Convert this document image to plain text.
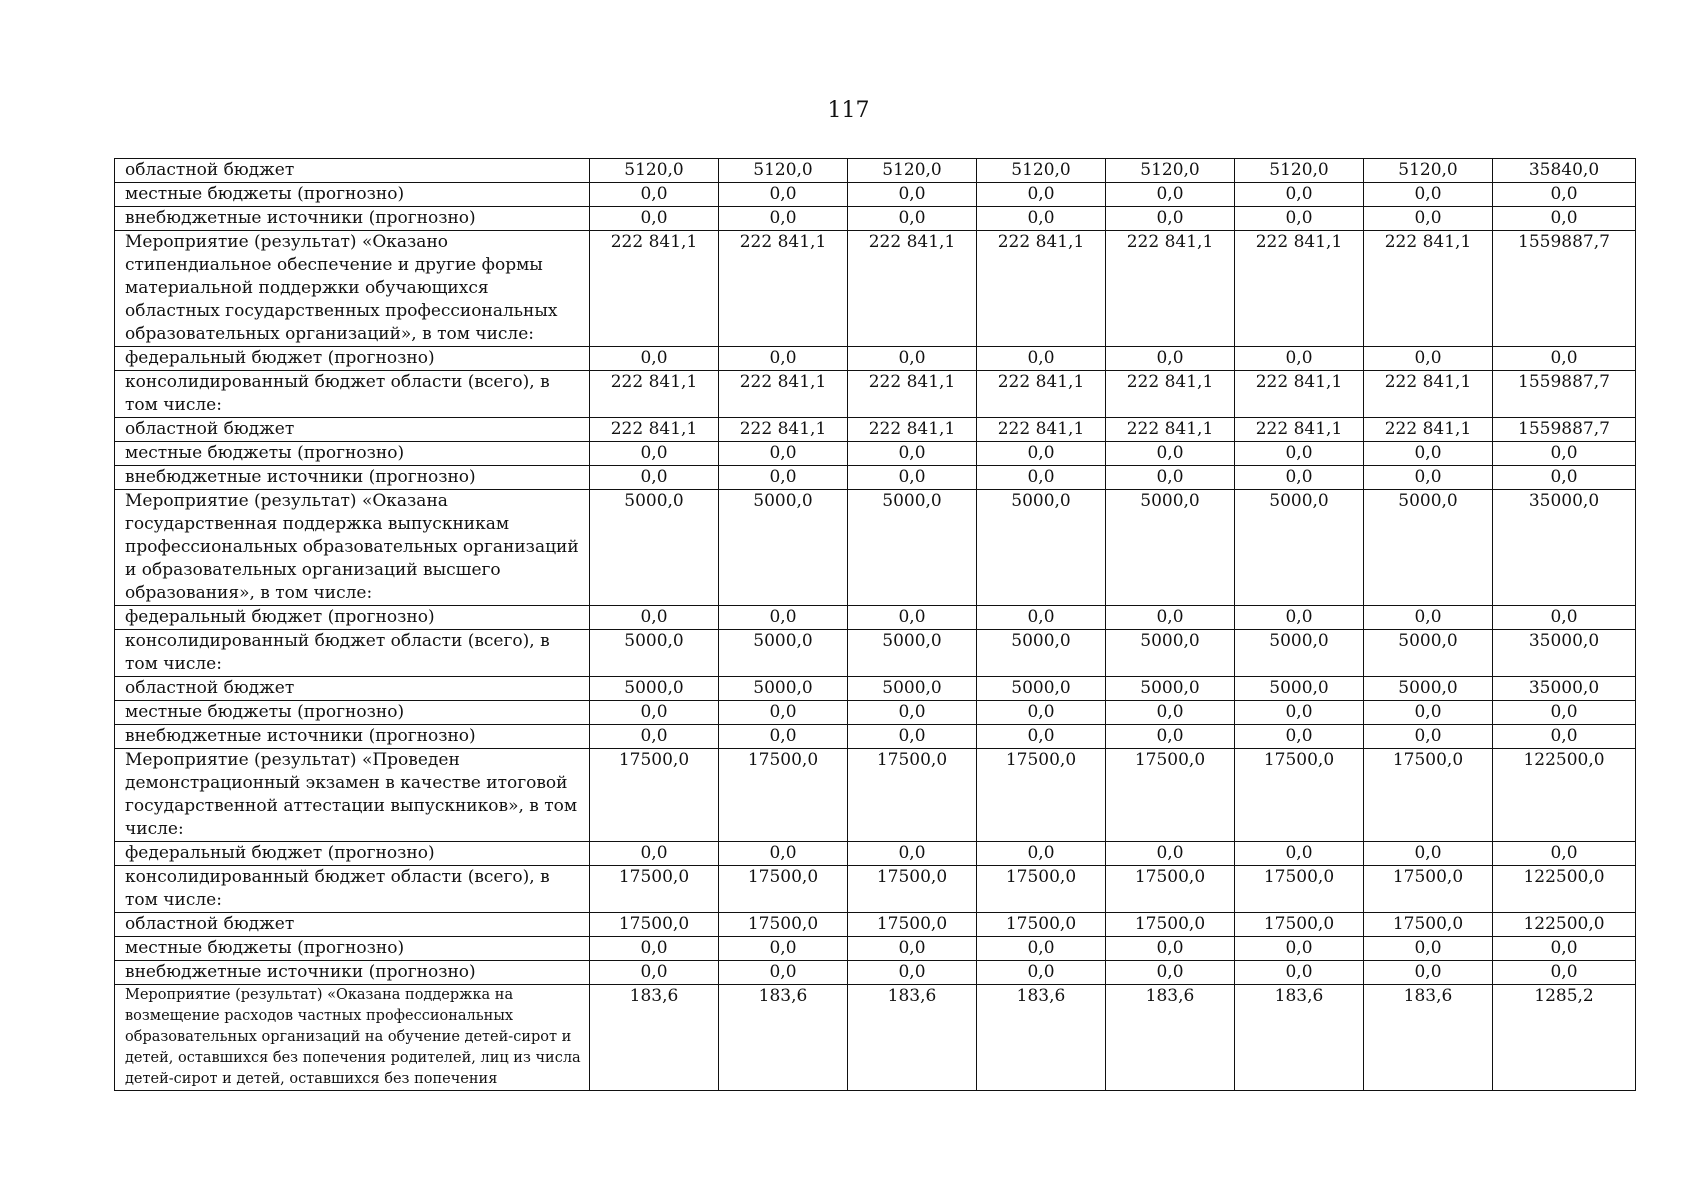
117
областной бюджет	5120,0	5120,0	5120,0	5120,0	5120,0	5120,0	5120,0	35840,0
местные бюджеты (прогнозно)	0,0	0,0	0,0	0,0	0,0	0,0	0,0	0,0
внебюджетные источники (прогнозно)	0,0	0,0	0,0	0,0	0,0	0,0	0,0	0,0
Мероприятие (результат) «Оказано стипендиальное обеспечение и другие формы материальной поддержки обучающихся областных государственных профессиональных образовательных организаций», в том числе:	222 841,1	222 841,1	222 841,1	222 841,1	222 841,1	222 841,1	222 841,1	1559887,7
федеральный бюджет (прогнозно)	0,0	0,0	0,0	0,0	0,0	0,0	0,0	0,0
консолидированный бюджет области (всего), в том числе:	222 841,1	222 841,1	222 841,1	222 841,1	222 841,1	222 841,1	222 841,1	1559887,7
областной бюджет	222 841,1	222 841,1	222 841,1	222 841,1	222 841,1	222 841,1	222 841,1	1559887,7
местные бюджеты (прогнозно)	0,0	0,0	0,0	0,0	0,0	0,0	0,0	0,0
внебюджетные источники (прогнозно)	0,0	0,0	0,0	0,0	0,0	0,0	0,0	0,0
Мероприятие (результат) «Оказана государственная поддержка выпускникам профессиональных образовательных организаций и образовательных организаций высшего образования», в том числе:	5000,0	5000,0	5000,0	5000,0	5000,0	5000,0	5000,0	35000,0
федеральный бюджет (прогнозно)	0,0	0,0	0,0	0,0	0,0	0,0	0,0	0,0
консолидированный бюджет области (всего), в том числе:	5000,0	5000,0	5000,0	5000,0	5000,0	5000,0	5000,0	35000,0
областной бюджет	5000,0	5000,0	5000,0	5000,0	5000,0	5000,0	5000,0	35000,0
местные бюджеты (прогнозно)	0,0	0,0	0,0	0,0	0,0	0,0	0,0	0,0
внебюджетные источники (прогнозно)	0,0	0,0	0,0	0,0	0,0	0,0	0,0	0,0
Мероприятие (результат) «Проведен демонстрационный экзамен в качестве итоговой государственной аттестации выпускников», в том числе:	17500,0	17500,0	17500,0	17500,0	17500,0	17500,0	17500,0	122500,0
федеральный бюджет (прогнозно)	0,0	0,0	0,0	0,0	0,0	0,0	0,0	0,0
консолидированный бюджет области (всего), в том числе:	17500,0	17500,0	17500,0	17500,0	17500,0	17500,0	17500,0	122500,0
областной бюджет	17500,0	17500,0	17500,0	17500,0	17500,0	17500,0	17500,0	122500,0
местные бюджеты (прогнозно)	0,0	0,0	0,0	0,0	0,0	0,0	0,0	0,0
внебюджетные источники (прогнозно)	0,0	0,0	0,0	0,0	0,0	0,0	0,0	0,0
Мероприятие (результат) «Оказана поддержка на возмещение расходов частных профессиональных образовательных организаций на обучение детей-сирот и детей, оставшихся без попечения родителей, лиц из числа детей-сирот и детей, оставшихся без попечения	183,6	183,6	183,6	183,6	183,6	183,6	183,6	1285,2
